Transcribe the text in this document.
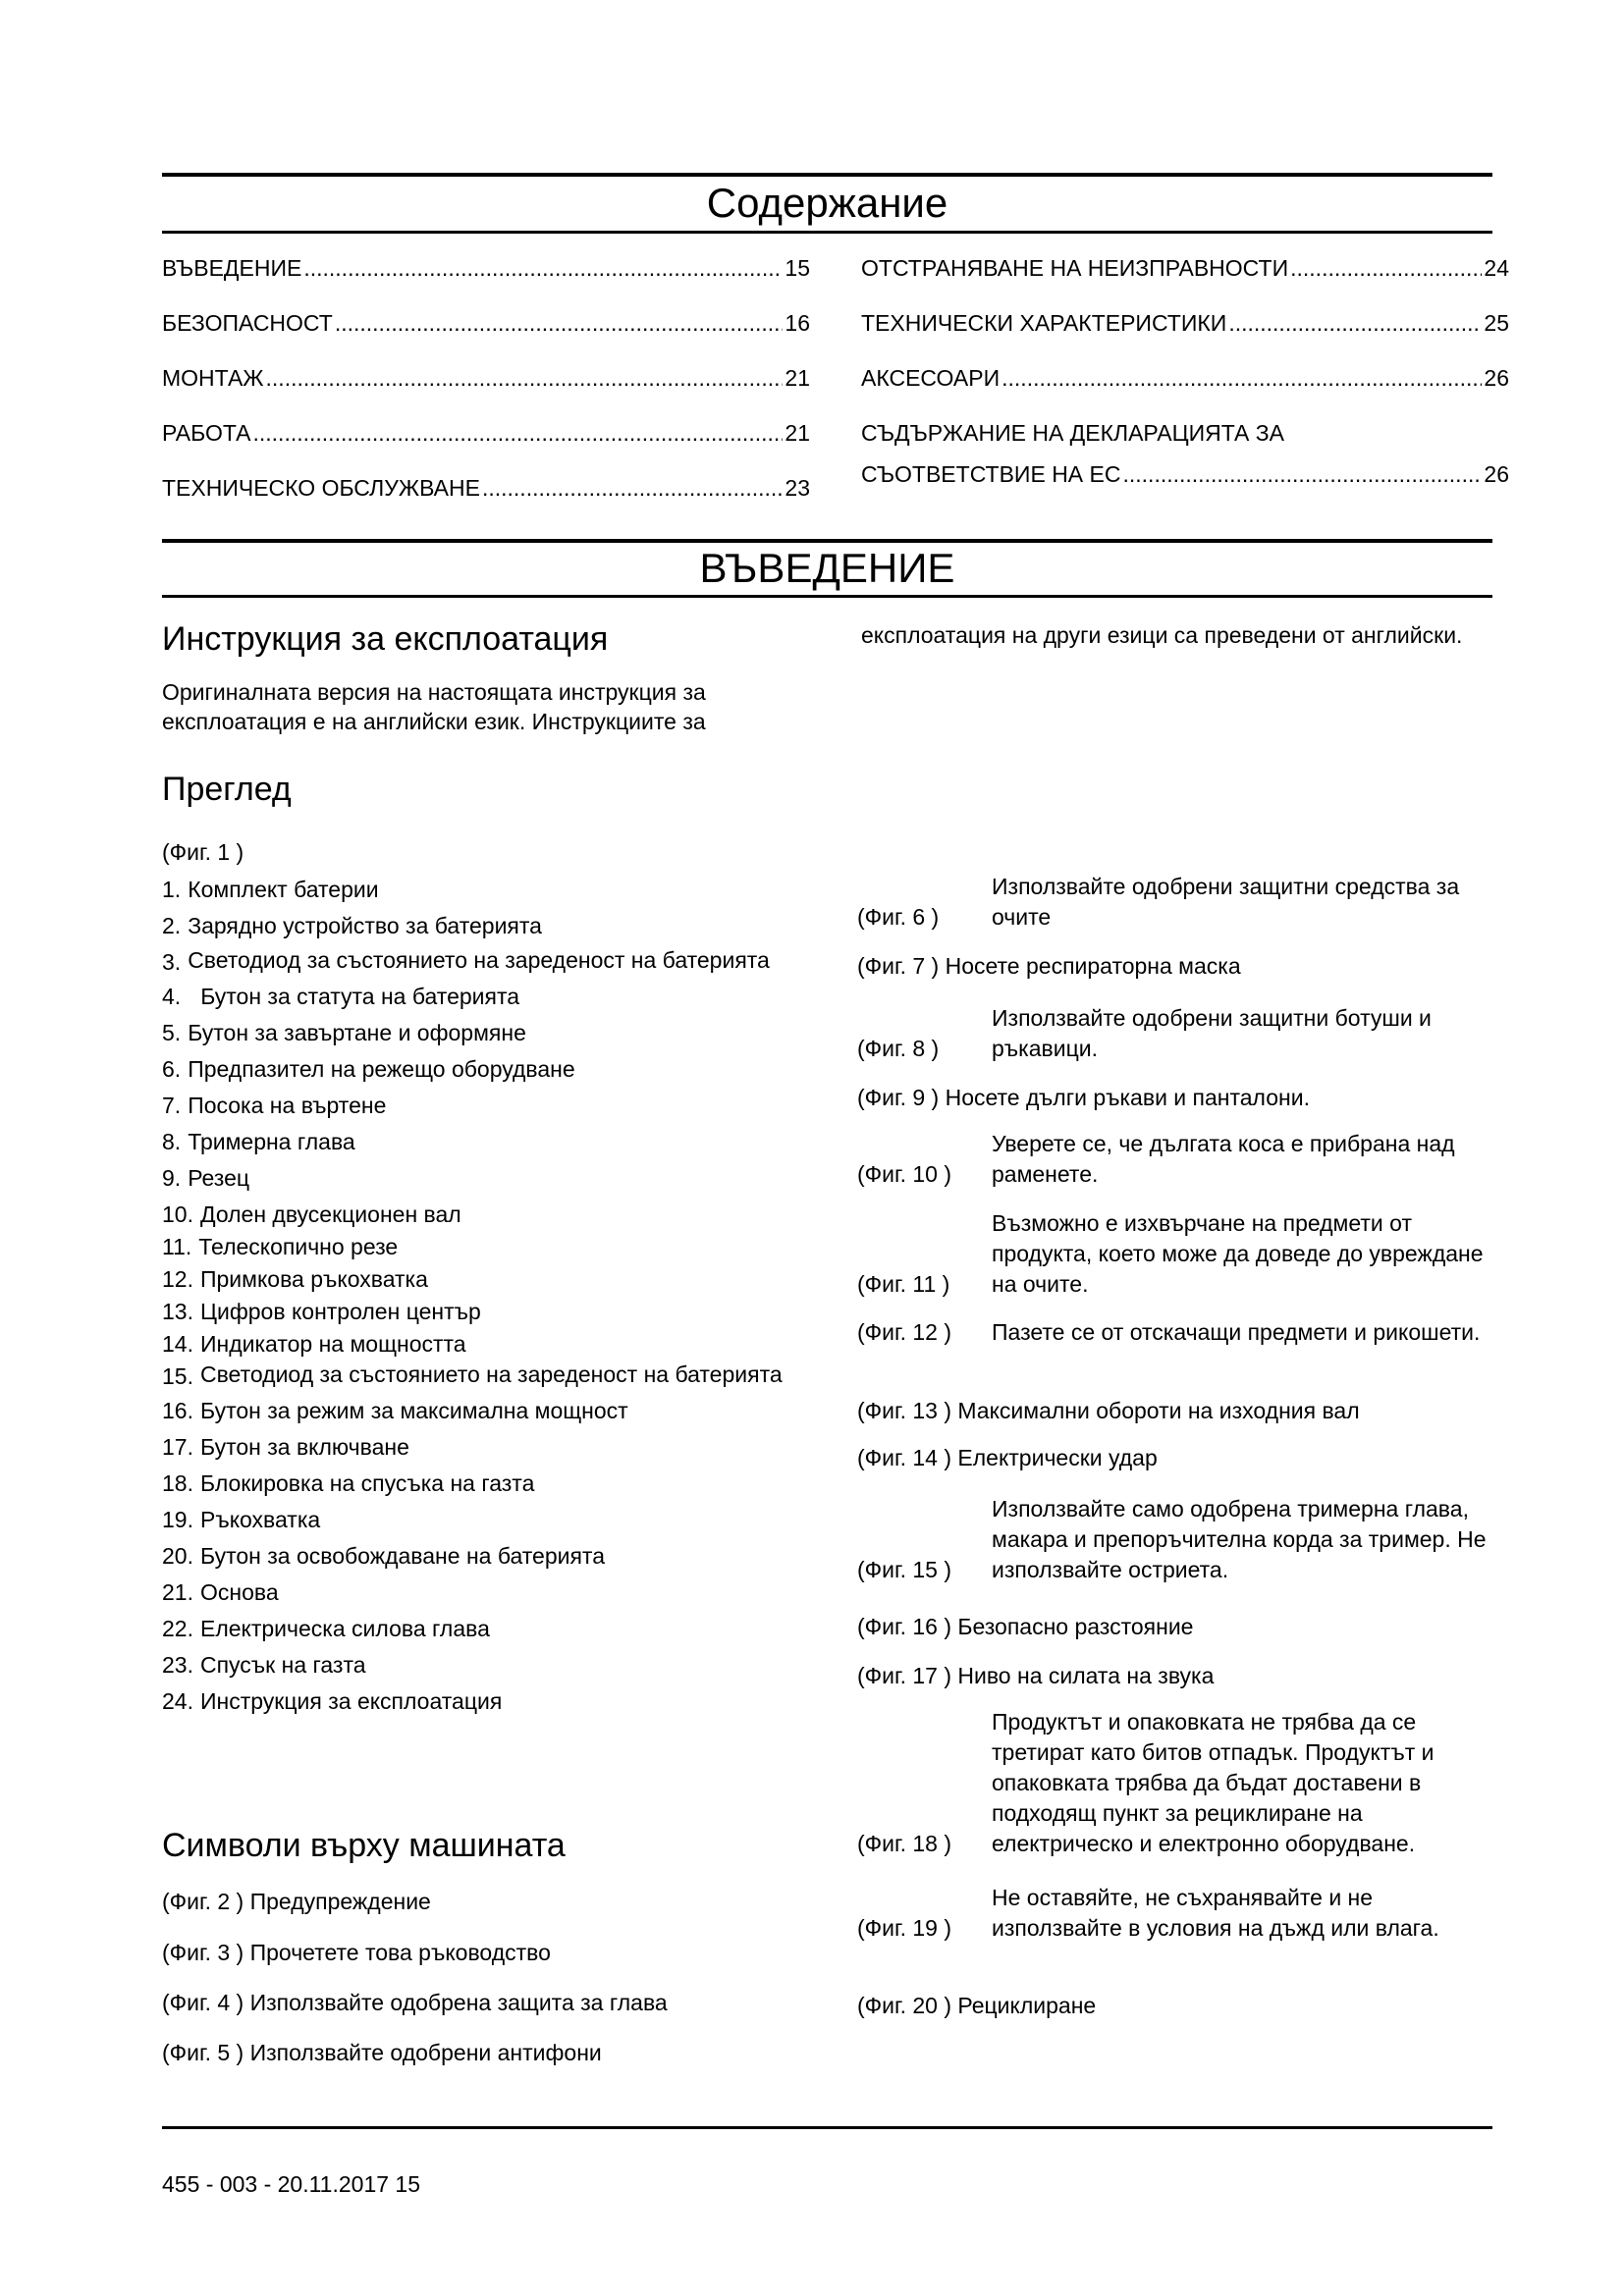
Содержание
ВЪВЕДЕНИЕ .....	15
БЕЗОПАСНОСТ .....	16
МОНТАЖ .....	21
РАБОТА .....	21
ТЕХНИЧЕСКО ОБСЛУЖВАНЕ .....	23
ОТСТРАНЯВАНЕ НА НЕИЗПРАВНОСТИ .....	24
ТЕХНИЧЕСКИ ХАРАКТЕРИСТИКИ .....	25
АКСЕСОАРИ .....	26
СЪДЪРЖАНИЕ НА ДЕКЛАРАЦИЯТА ЗА
СЪОТВЕТСТВИЕ НА ЕС .....	26
ВЪВЕДЕНИЕ
Инструкция за експлоатация
Оригиналната версия на настоящата инструкция за експлоатация е на английски език. Инструкциите за
експлоатация на други езици са преведени от английски.
Преглед
(Фиг. 1 )
1. Комплект батерии
2. Зарядно устройство за батерията
3. Светодиод за състоянието на зареденост на батерията
4. Бутон за статута на батерията
5. Бутон за завъртане и оформяне
6. Предпазител на режещо оборудване
7. Посока на въртене
8. Тримерна глава
9. Резец
10. Долен двусекционен вал
11. Телескопично резе
12. Примкова ръкохватка
13. Цифров контролен център
14. Индикатор на мощността
15. Светодиод за състоянието на зареденост на батерията
16. Бутон за режим за максимална мощност
17. Бутон за включване
18. Блокировка на спусъка на газта
19. Ръкохватка
20. Бутон за освобождаване на батерията
21. Основа
22. Електрическа силова глава
23. Спусък на газта
24. Инструкция за експлоатация
Символи върху машината
(Фиг. 2 ) Предупреждение
(Фиг. 3 ) Прочетете това ръководство
(Фиг. 4 ) Използвайте одобрена защита за глава
(Фиг. 5 ) Използвайте одобрени антифони
(Фиг. 6 )
Използвайте одобрени защитни средства за очите
(Фиг. 7 )
Носете респираторна маска
(Фиг. 8 )
Използвайте одобрени защитни ботуши и ръкавици.
(Фиг. 9 )
Носете дълги ръкави и панталони.
(Фиг. 10 )
Уверете се, че дългата коса е прибрана над раменете.
(Фиг. 11 )
Възможно е изхвърчане на предмети от продукта, което може да доведе до увреждане на очите.
(Фиг. 12 )	Пазете се от отскачащи предмети и рикошети.
(Фиг. 13 )
Максимални обороти на изходния вал
(Фиг. 14 )
Електрически удар
(Фиг. 15 )
Използвайте само одобрена тримерна глава, макара и препоръчителна корда за тример. Не използвайте остриета.
(Фиг. 16 )
Безопасно разстояние
(Фиг. 17 )
Ниво на силата на звука
(Фиг. 18 )
Продуктът и опаковката не трябва да се третират като битов отпадък. Продуктът и опаковката трябва да бъдат доставени в подходящ пункт за рециклиране на електрическо и електронно оборудване.
(Фиг. 19 )
Не оставяйте, не съхранявайте и не използвайте в условия на дъжд или влага.
(Фиг. 20 )
Рециклиране
455 - 003 - 20.11.2017 15
